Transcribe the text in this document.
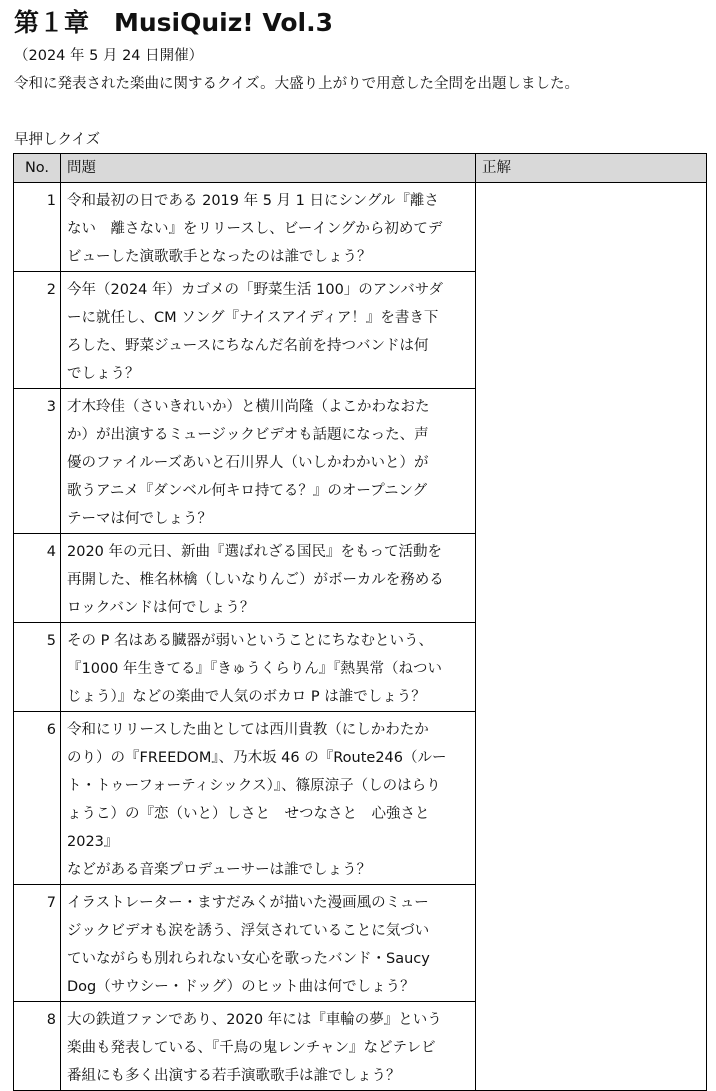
第１章　MusiQuiz! Vol.3
（2024 年 5 月 24 日開催）
令和に発表された楽曲に関するクイズ。大盛り上がりで用意した全問を出題しました。
早押しクイズ
No.	問題	正解
1	令和最初の日である 2019 年 5 月 1 日にシングル『離さ
ない　離さない』をリリースし、ビーイングから初めてデ
ビューした演歌歌手となったのは誰でしょう？	

2	今年（2024 年）カゴメの「野菜生活 100」のアンバサダ
ーに就任し、CM ソング『ナイスアイディア！』を書き下
ろした、野菜ジュースにちなんだ名前を持つバンドは何
でしょう？	

3	才木玲佳（さいきれいか）と横川尚隆（よこかわなおた
か）が出演するミュージックビデオも話題になった、声
優のファイルーズあいと石川界人（いしかわかいと）が
歌うアニメ『ダンベル何キロ持てる？』のオープニング
テーマは何でしょう？	

4	2020 年の元日、新曲『選ばれざる国民』をもって活動を
再開した、椎名林檎（しいなりんご）がボーカルを務める
ロックバンドは何でしょう？	

5	その P 名はある臓器が弱いということにちなむという、
『1000 年生きてる』『きゅうくらりん』『熱異常（ねつい
じょう）』などの楽曲で人気のボカロ P は誰でしょう？	

6	令和にリリースした曲としては西川貴教（にしかわたか
のり）の『FREEDOM』、乃木坂 46 の『Route246（ルー
ト・トゥーフォーティシックス）』、篠原涼子（しのはらり
ょうこ）の『恋（いと）しさと　せつなさと　心強さと 2023』
などがある音楽プロデューサーは誰でしょう？	

7	イラストレーター・ますだみくが描いた漫画風のミュー
ジックビデオも涙を誘う、浮気されていることに気づい
ていながらも別れられない女心を歌ったバンド・Saucy
Dog（サウシー・ドッグ）のヒット曲は何でしょう？	

8	大の鉄道ファンであり、2020 年には『車輪の夢』という
楽曲も発表している、『千鳥の鬼レンチャン』などテレビ
番組にも多く出演する若手演歌歌手は誰でしょう？	
